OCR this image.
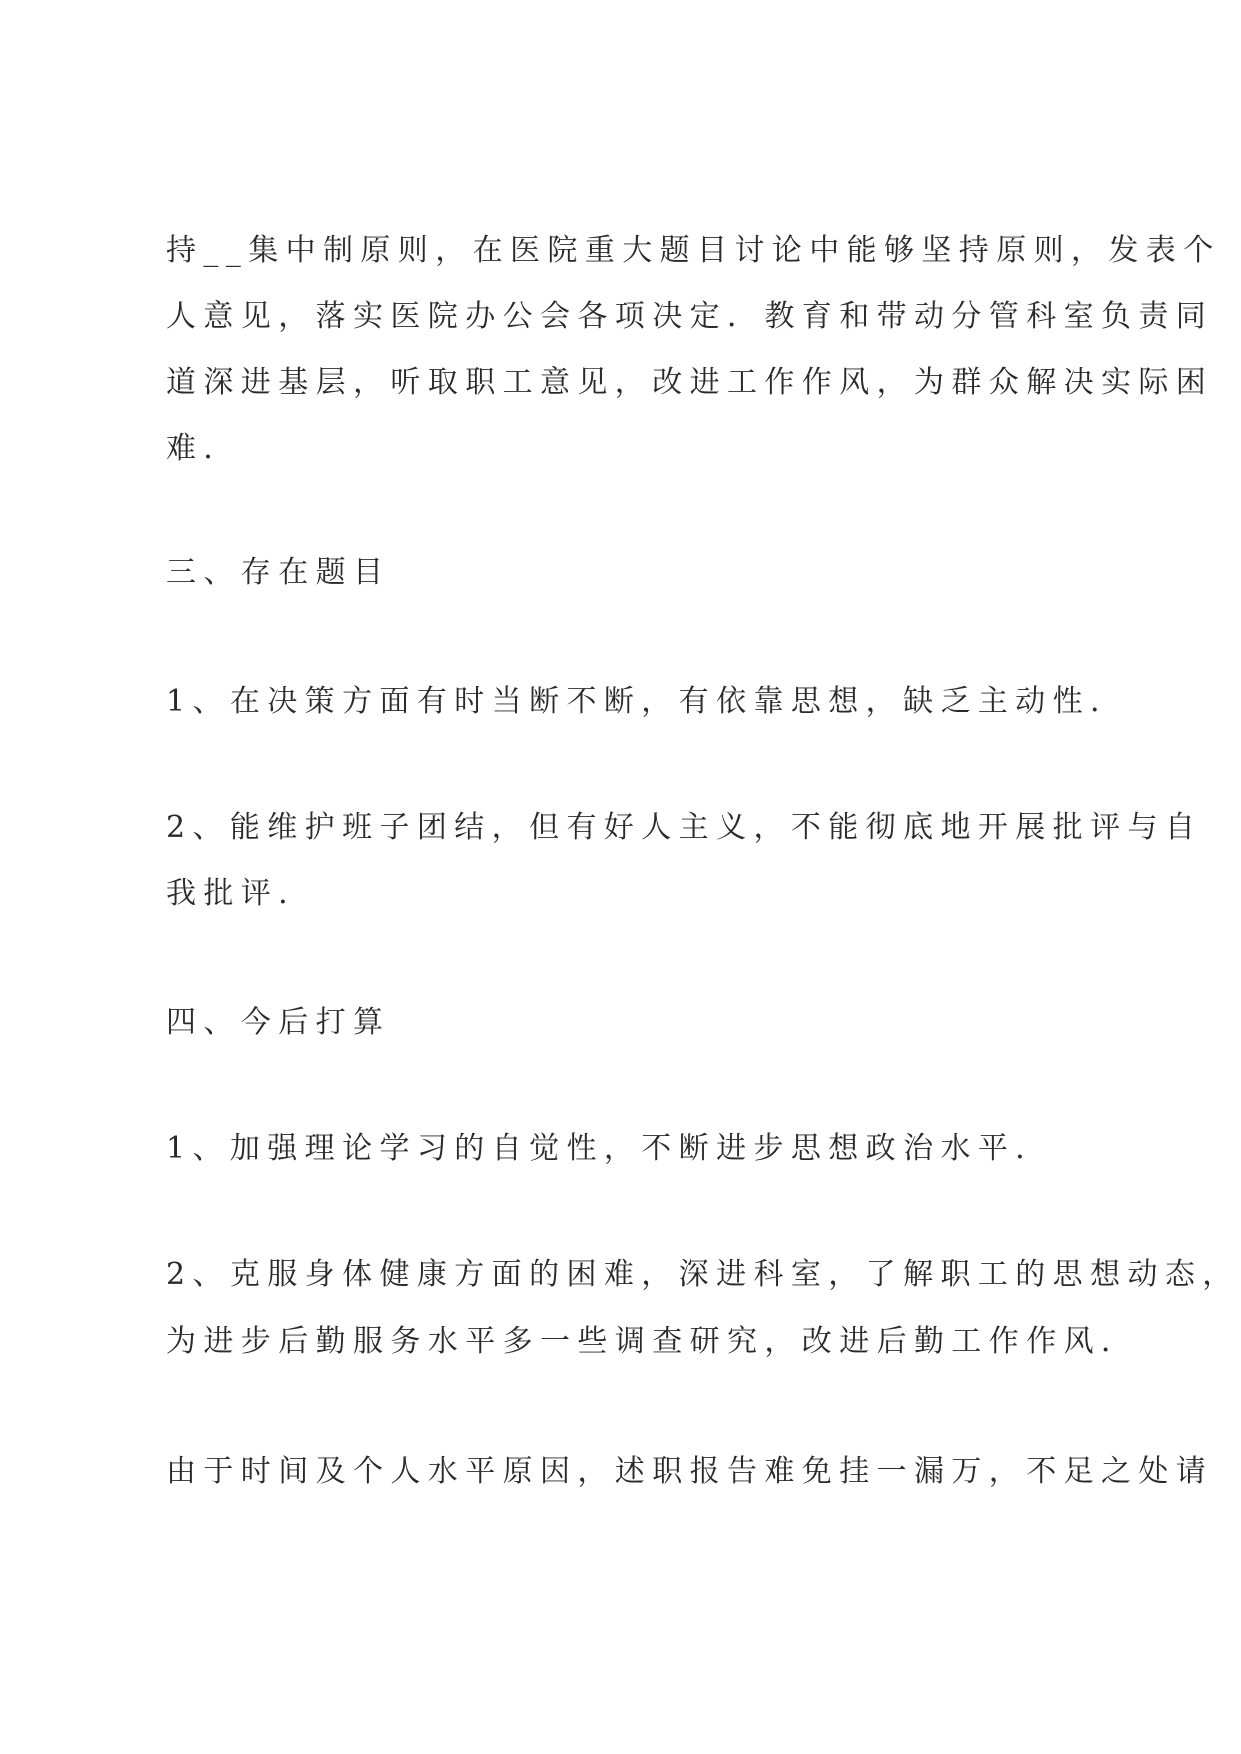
持__集中制原则，在医院重大题目讨论中能够坚持原则，发表个

人意见，落实医院办公会各项决定．教育和带动分管科室负责同

道深进基层，听取职工意见，改进工作作风，为群众解决实际困

难．

三、存在题目

1、在决策方面有时当断不断，有依靠思想，缺乏主动性．

2、能维护班子团结，但有好人主义，不能彻底地开展批评与自

我批评．

四、今后打算

1、加强理论学习的自觉性，不断进步思想政治水平．

2、克服身体健康方面的困难，深进科室，了解职工的思想动态，

为进步后勤服务水平多一些调查研究，改进后勤工作作风．

由于时间及个人水平原因，述职报告难免挂一漏万，不足之处请
